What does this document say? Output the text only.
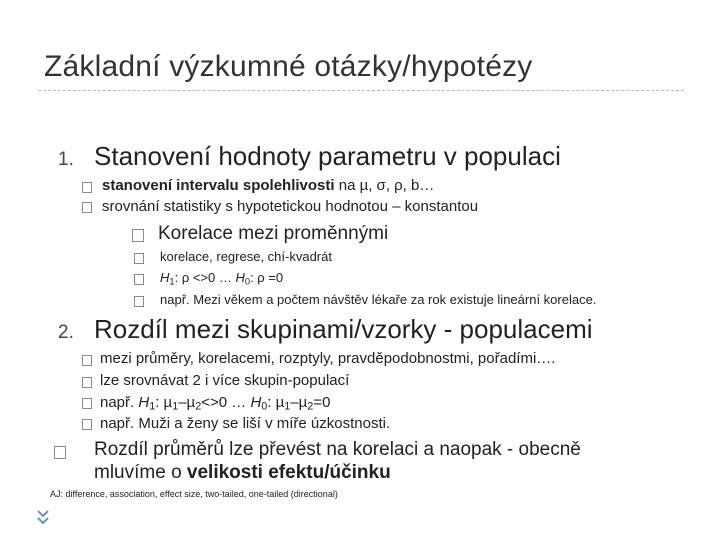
Základní výzkumné otázky/hypotézy
1. Stanovení hodnoty parametru v populaci
stanovení intervalu spolehlivosti na µ, σ, ρ, b…
srovnání statistiky s hypotetickou hodnotou – konstantou
Korelace mezi proměnnými
korelace, regrese, chí-kvadrát
$H_1$: ρ <>0 … $H_0$: ρ =0
např. Mezi věkem a počtem návštěv lékaře za rok existuje lineární korelace.
2. Rozdíl mezi skupinami/vzorky - populacemi
mezi průměry, korelacemi, rozptyly, pravděpodobnostmi, pořadími….
lze srovnávat 2 i více skupin-populací
např. $H_1$: µ$_1$–µ$_2$<>0 … $H_0$: µ$_1$–µ$_2$=0
např. Muži a ženy se liší v míře úzkostnosti.
Rozdíl průměrů lze převést na korelaci a naopak - obecně
mluvíme o velikosti efektu/účinku
AJ: difference, association, effect size, two-tailed, one-tailed (directional)
